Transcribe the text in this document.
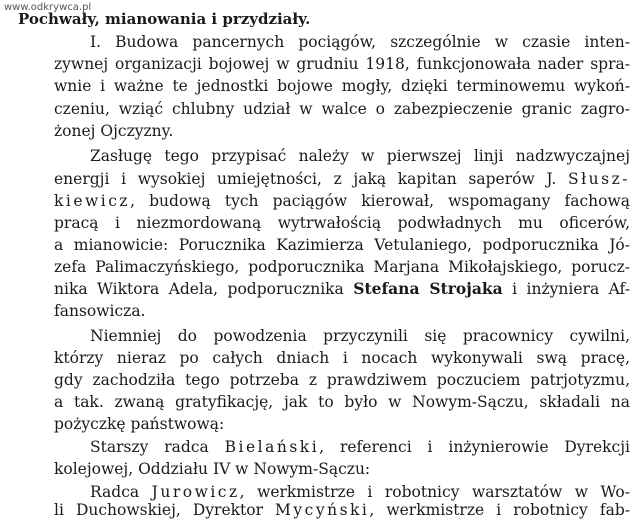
www.odkrywca.pl
Pochwały, mianowania i przydziały.
I. Budowa pancernych pociągów, szczególnie w czasie inten-
zywnej organizacji bojowej w grudniu 1918, funkcjonowała nader spra-
wnie i ważne te jednostki bojowe mogły, dzięki terminowemu wykoń-
czeniu, wziąć chlubny udział w walce o zabezpieczenie granic zagro-
żonej Ojczyzny.
Zasługę tego przypisać należy w pierwszej linji nadzwyczajnej
energji i wysokiej umiejętności, z jaką kapitan saperów J. Słusz-
kiewicz, budową tych paciągów kierował, wspomagany fachową
pracą i niezmordowaną wytrwałością podwładnych mu oficerów,
a mianowicie: Porucznika Kazimierza Vetulaniego, podporucznika Jó-
zefa Palimaczyńskiego, podporucznika Marjana Mikołajskiego, porucz-
nika Wiktora Adela, podporucznika Stefana Strojaka i inżyniera Af-
fansowicza.
Niemniej do powodzenia przyczynili się pracownicy cywilni,
którzy nieraz po całych dniach i nocach wykonywali swą pracę,
gdy zachodziła tego potrzeba z prawdziwem poczuciem patrjotyzmu,
a tak. zwaną gratyfikację, jak to było w Nowym-Sączu, składali na
pożyczkę państwową:
Starszy radca Bielański, referenci i inżynierowie Dyrekcji
kolejowej, Oddziału IV w Nowym-Sączu:
Radca Jurowicz, werkmistrze i robotnicy warsztatów w Wo-
li Duchowskiej, Dyrektor Mycyński, werkmistrze i robotnicy fab-
